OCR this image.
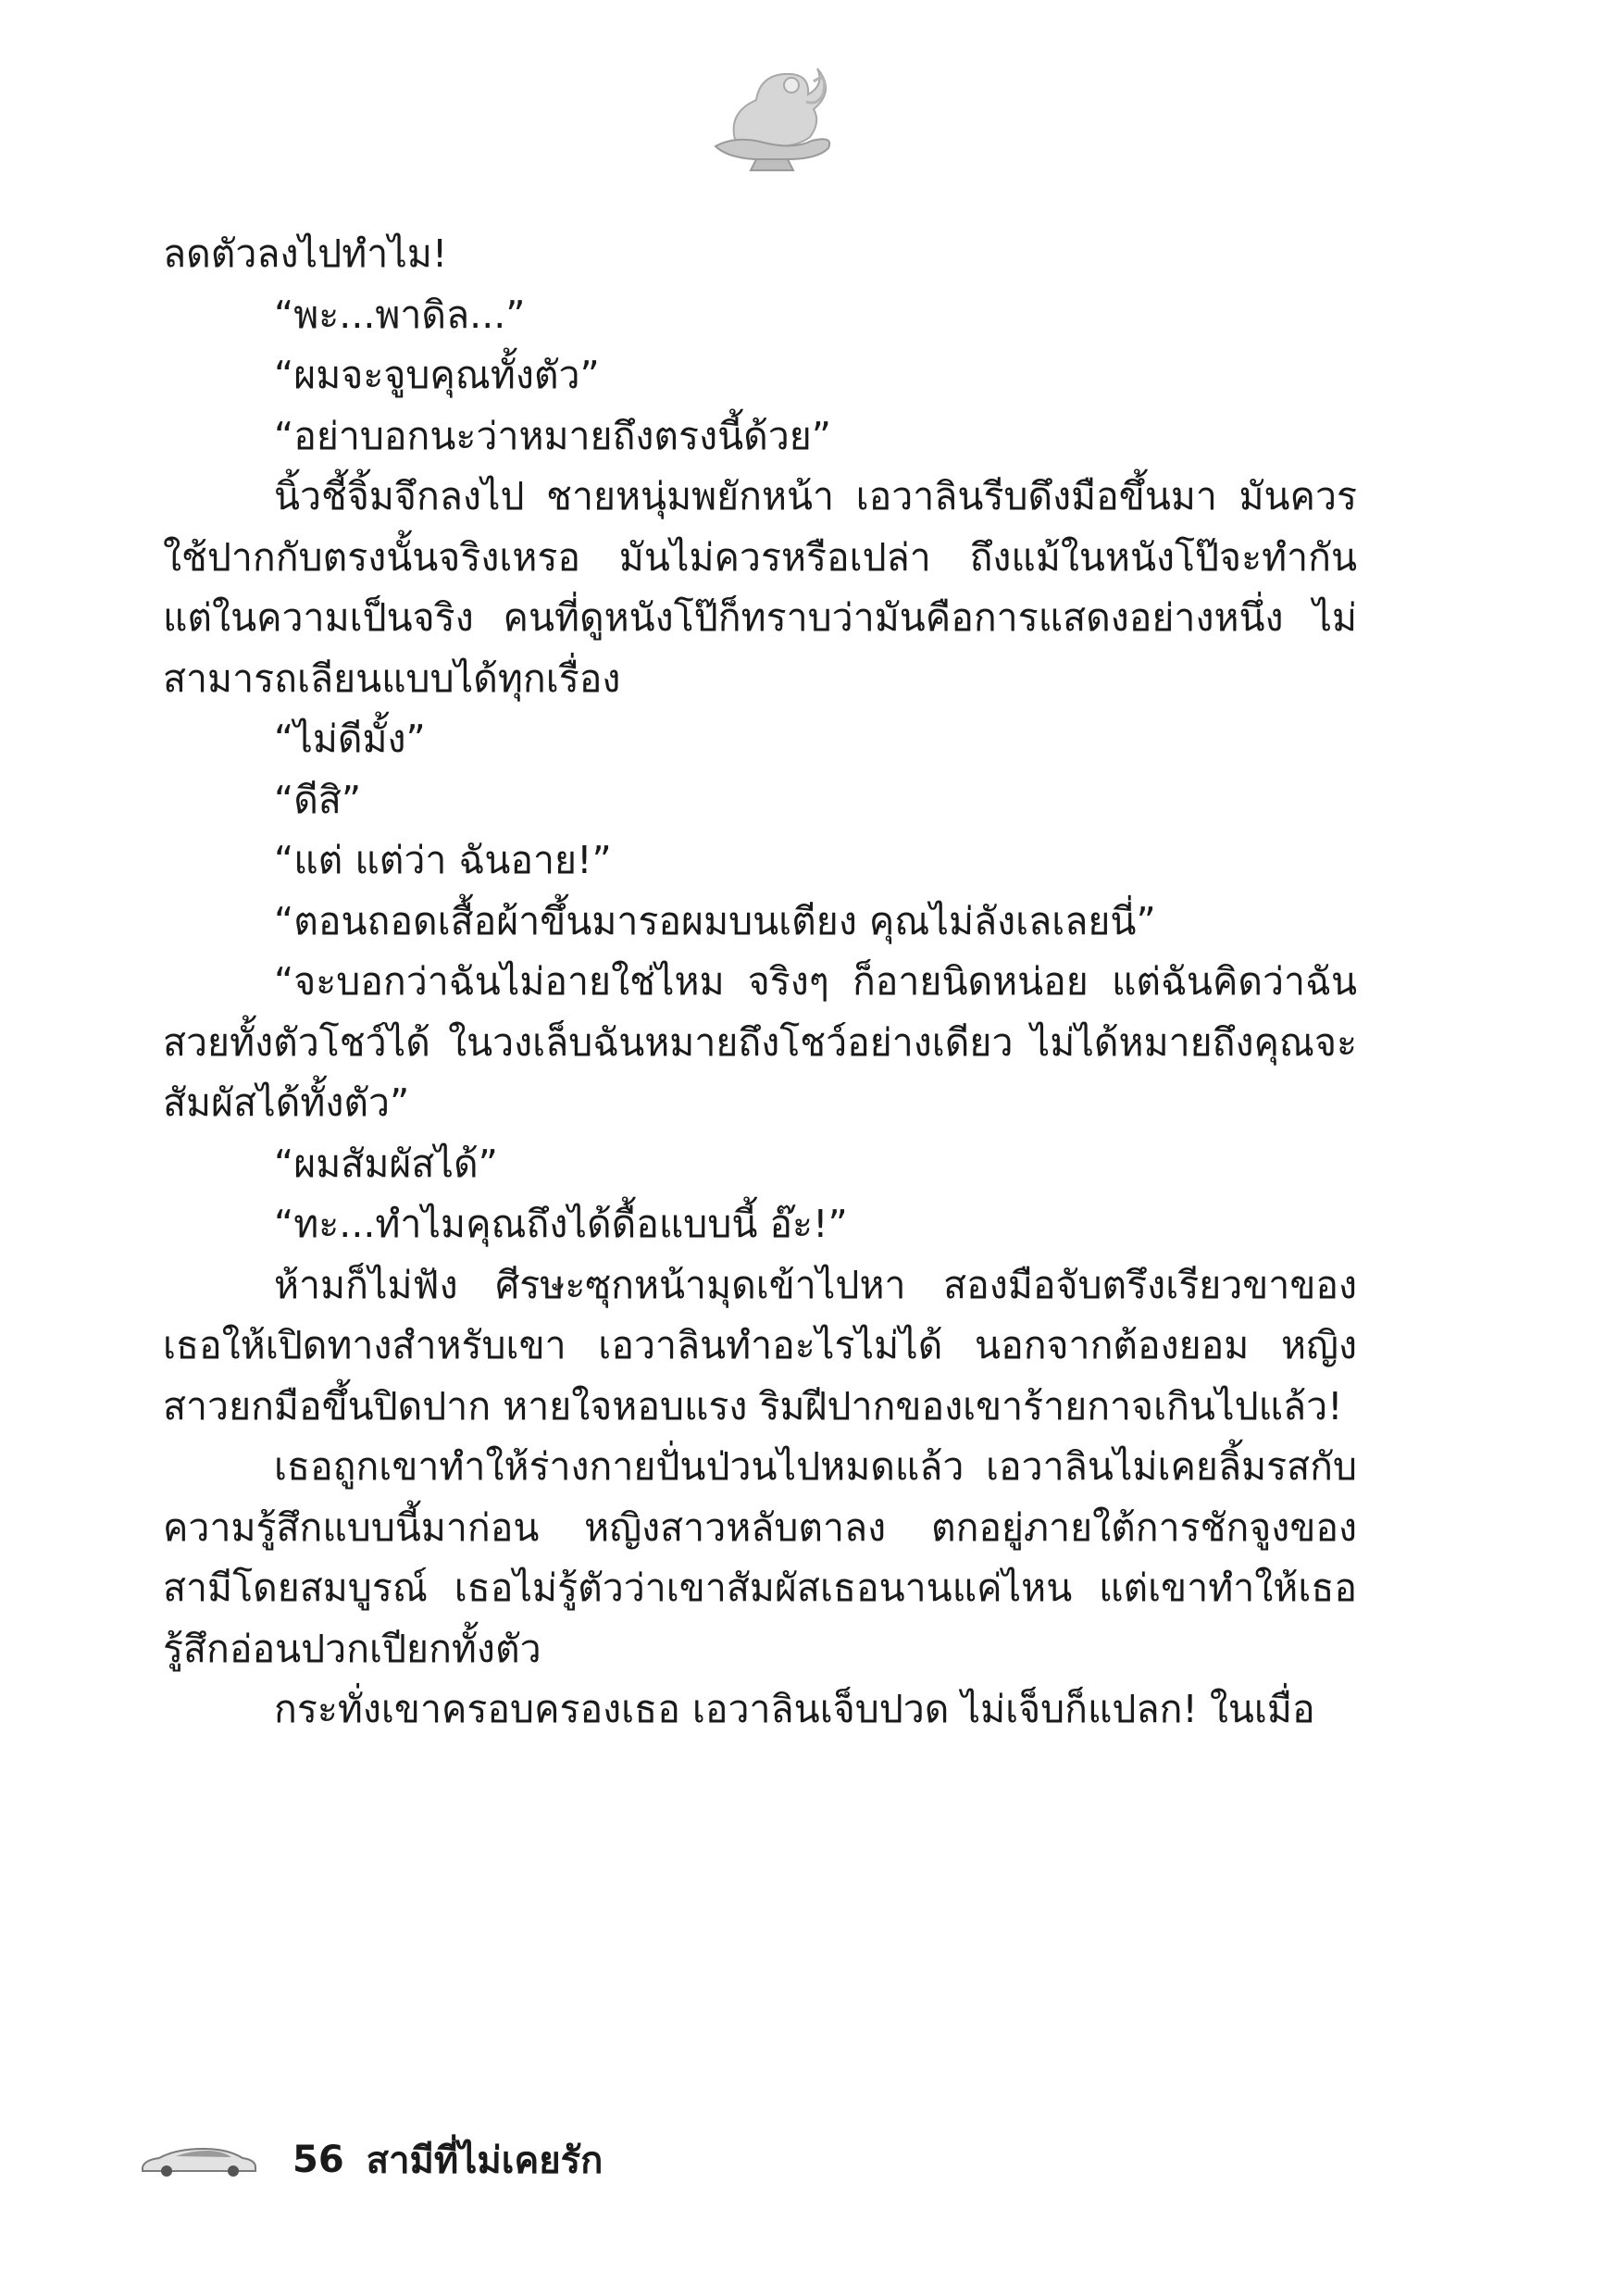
ลดตัวลงไปทำไม!

“พะ...พาดิล...”

“ผมจะจูบคุณทั้งตัว”

“อย่าบอกนะว่าหมายถึงตรงนี้ด้วย”

นิ้วชี้จิ้มจึกลงไป ชายหนุ่มพยักหน้า เอวาลินรีบดึงมือขึ้นมา มันควรใช้ปากกับตรงนั้นจริงเหรอ มันไม่ควรหรือเปล่า ถึงแม้ในหนังโป๊จะทำกัน แต่ในความเป็นจริง คนที่ดูหนังโป๊ก็ทราบว่ามันคือการแสดงอย่างหนึ่ง ไม่สามารถเลียนแบบได้ทุกเรื่อง

“ไม่ดีมั้ง”

“ดีสิ”

“แต่ แต่ว่า ฉันอาย!”

“ตอนถอดเสื้อผ้าขึ้นมารอผมบนเตียง คุณไม่ลังเลเลยนี่”

“จะบอกว่าฉันไม่อายใช่ไหม จริงๆ ก็อายนิดหน่อย แต่ฉันคิดว่าฉันสวยทั้งตัวโชว์ได้ ในวงเล็บฉันหมายถึงโชว์อย่างเดียว ไม่ได้หมายถึงคุณจะสัมผัสได้ทั้งตัว”

“ผมสัมผัสได้”

“ทะ...ทำไมคุณถึงได้ดื้อแบบนี้ อ๊ะ!”

ห้ามก็ไม่ฟัง ศีรษะซุกหน้ามุดเข้าไปหา สองมือจับตรึงเรียวขาของเธอให้เปิดทางสำหรับเขา เอวาลินทำอะไรไม่ได้ นอกจากต้องยอม หญิงสาวยกมือขึ้นปิดปาก หายใจหอบแรง ริมฝีปากของเขาร้ายกาจเกินไปแล้ว!

เธอถูกเขาทำให้ร่างกายปั่นป่วนไปหมดแล้ว เอวาลินไม่เคยลิ้มรสกับความรู้สึกแบบนี้มาก่อน หญิงสาวหลับตาลง ตกอยู่ภายใต้การชักจูงของสามีโดยสมบูรณ์ เธอไม่รู้ตัวว่าเขาสัมผัสเธอนานแค่ไหน แต่เขาทำให้เธอรู้สึกอ่อนปวกเปียกทั้งตัว

กระทั่งเขาครอบครองเธอ เอวาลินเจ็บปวด ไม่เจ็บก็แปลก! ในเมื่อ

56 สามีที่ไม่เคยรัก
